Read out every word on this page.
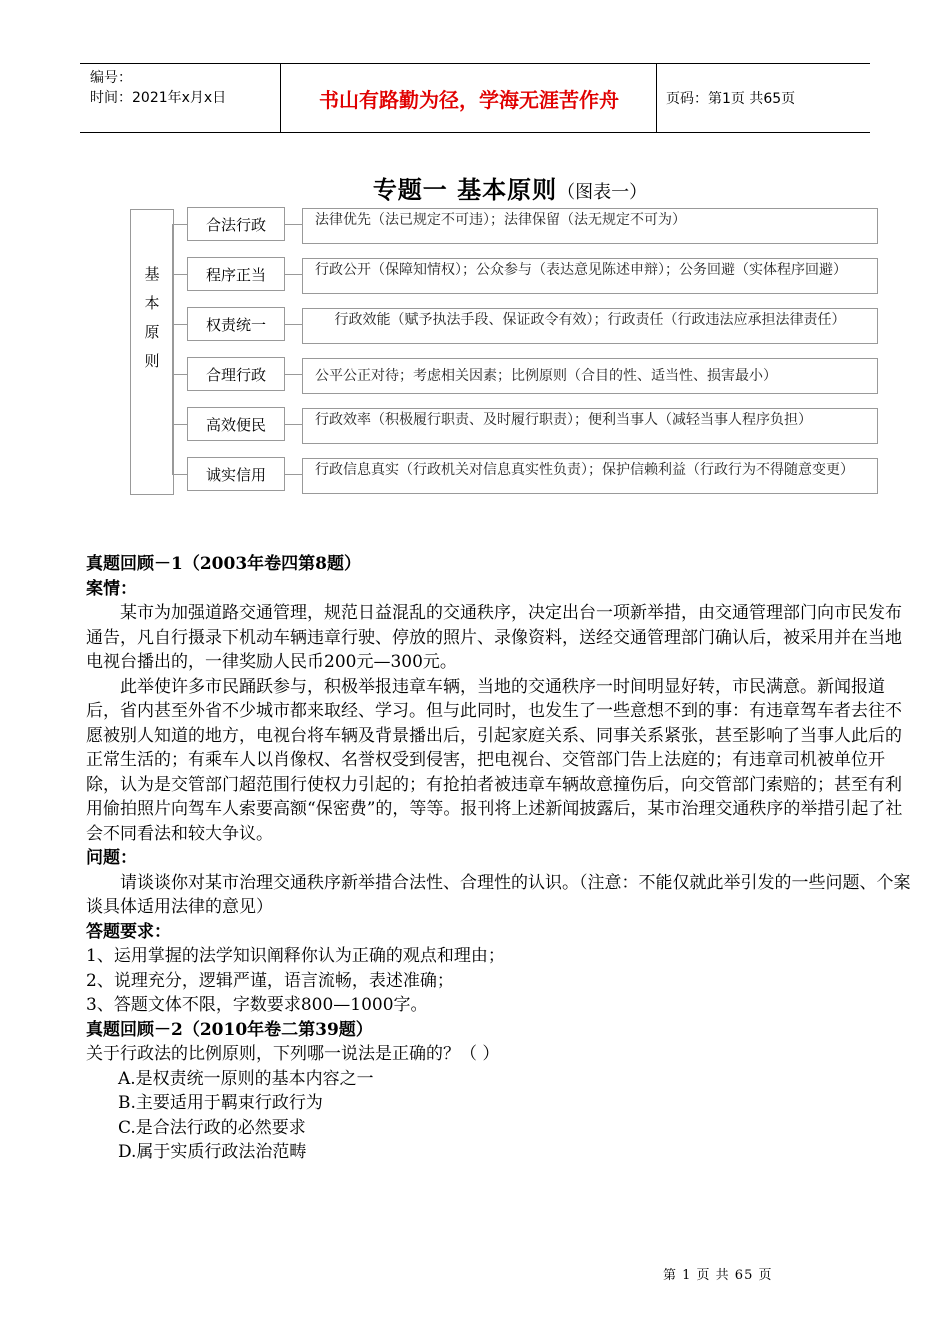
编号：
时间：2021年x月x日	书山有路勤为径，学海无涯苦作舟	页码：第1页 共65页
专题一 基本原则（图表一）
基
本
原
则
合法行政	法律优先（法已规定不可违）；法律保留（法无规定不可为）
程序正当	行政公开（保障知情权）；公众参与（表达意见陈述申辩）；公务回避（实体程序回避）
权责统一	行政效能（赋予执法手段、保证政令有效）；行政责任（行政违法应承担法律责任）
合理行政	公平公正对待；考虑相关因素；比例原则（合目的性、适当性、损害最小）
高效便民	行政效率（积极履行职责、及时履行职责）；便利当事人（减轻当事人程序负担）
诚实信用	行政信息真实（行政机关对信息真实性负责）；保护信赖利益（行政行为不得随意变更）

真题回顾－1（2003年卷四第8题）

案情：

某市为加强道路交通管理，规范日益混乱的交通秩序，决定出台一项新举措，由交通管理部门向市民发布通告，凡自行摄录下机动车辆违章行驶、停放的照片、录像资料，送经交通管理部门确认后，被采用并在当地电视台播出的，一律奖励人民币200元—300元。

此举使许多市民踊跃参与，积极举报违章车辆，当地的交通秩序一时间明显好转，市民满意。新闻报道后，省内甚至外省不少城市都来取经、学习。但与此同时，也发生了一些意想不到的事：有违章驾车者去往不愿被别人知道的地方，电视台将车辆及背景播出后，引起家庭关系、同事关系紧张，甚至影响了当事人此后的正常生活的；有乘车人以肖像权、名誉权受到侵害，把电视台、交管部门告上法庭的；有违章司机被单位开除，认为是交管部门超范围行使权力引起的；有抢拍者被违章车辆故意撞伤后，向交管部门索赔的；甚至有利用偷拍照片向驾车人索要高额“保密费”的，等等。报刊将上述新闻披露后，某市治理交通秩序的举措引起了社会不同看法和较大争议。

问题：

请谈谈你对某市治理交通秩序新举措合法性、合理性的认识。（注意：不能仅就此举引发的一些问题、个案谈具体适用法律的意见）

答题要求：

1、运用掌握的法学知识阐释你认为正确的观点和理由；

2、说理充分，逻辑严谨，语言流畅，表述准确；

3、答题文体不限，字数要求800—1000字。

真题回顾－2（2010年卷二第39题）

关于行政法的比例原则，下列哪一说法是正确的？（ ）

A.是权责统一原则的基本内容之一

B.主要适用于羁束行政行为

C.是合法行政的必然要求

D.属于实质行政法治范畴

第 1 页 共 65 页
